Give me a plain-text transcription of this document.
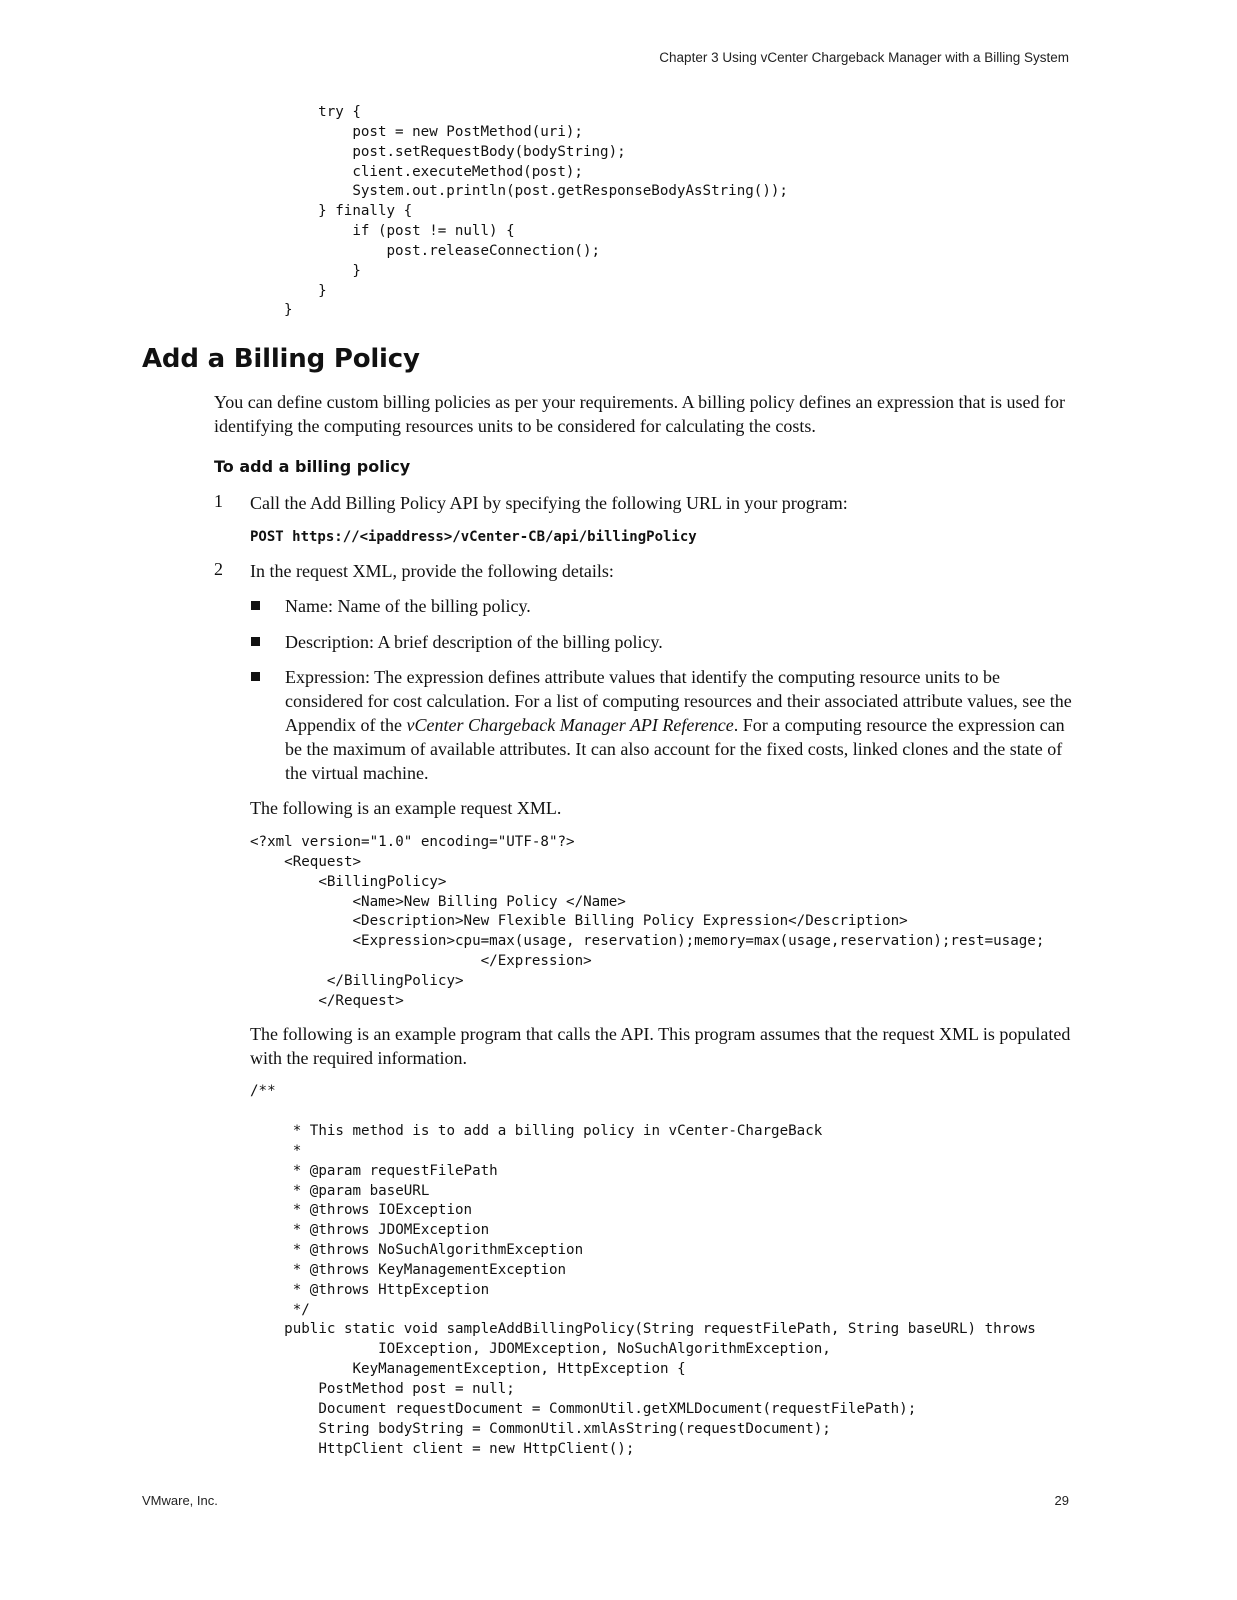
Chapter 3 Using vCenter Chargeback Manager with a Billing System
try {
post = new PostMethod(uri);
post.setRequestBody(bodyString);
client.executeMethod(post);
System.out.println(post.getResponseBodyAsString());
} finally {
if (post != null) {
post.releaseConnection();
}
}
}
Add a Billing Policy

You can define custom billing policies as per your requirements. A billing policy defines an expression that is used for identifying the computing resources units to be considered for calculating the costs.

To add a billing policy
1 Call the Add Billing Policy API by specifying the following URL in your program:
POST https://<ipaddress>/vCenter-CB/api/billingPolicy
2 In the request XML, provide the following details:
Name: Name of the billing policy.
Description: A brief description of the billing policy.

Expression: The expression defines attribute values that identify the computing resource units to be considered for cost calculation. For a list of computing resources and their associated attribute values, see the Appendix of the vCenter Chargeback Manager API Reference. For a computing resource the expression can be the maximum of available attributes. It can also account for the fixed costs, linked clones and the state of the virtual machine.

The following is an example request XML.
<?xml version="1.0" encoding="UTF-8"?>
<Request>
<BillingPolicy>
<Name>New Billing Policy </Name>
<Description>New Flexible Billing Policy Expression</Description>
<Expression>cpu=max(usage, reservation);memory=max(usage,reservation);rest=usage;
</Expression>
</BillingPolicy>
</Request>

The following is an example program that calls the API. This program assumes that the request XML is populated with the required information.

/**
* This method is to add a billing policy in vCenter-ChargeBack
*
* @param requestFilePath
* @param baseURL
* @throws IOException
* @throws JDOMException
* @throws NoSuchAlgorithmException
* @throws KeyManagementException
* @throws HttpException
*/
public static void sampleAddBillingPolicy(String requestFilePath, String baseURL) throws
IOException, JDOMException, NoSuchAlgorithmException,
KeyManagementException, HttpException {
PostMethod post = null;
Document requestDocument = CommonUtil.getXMLDocument(requestFilePath);
String bodyString = CommonUtil.xmlAsString(requestDocument);
HttpClient client = new HttpClient();
VMware, Inc.	29
